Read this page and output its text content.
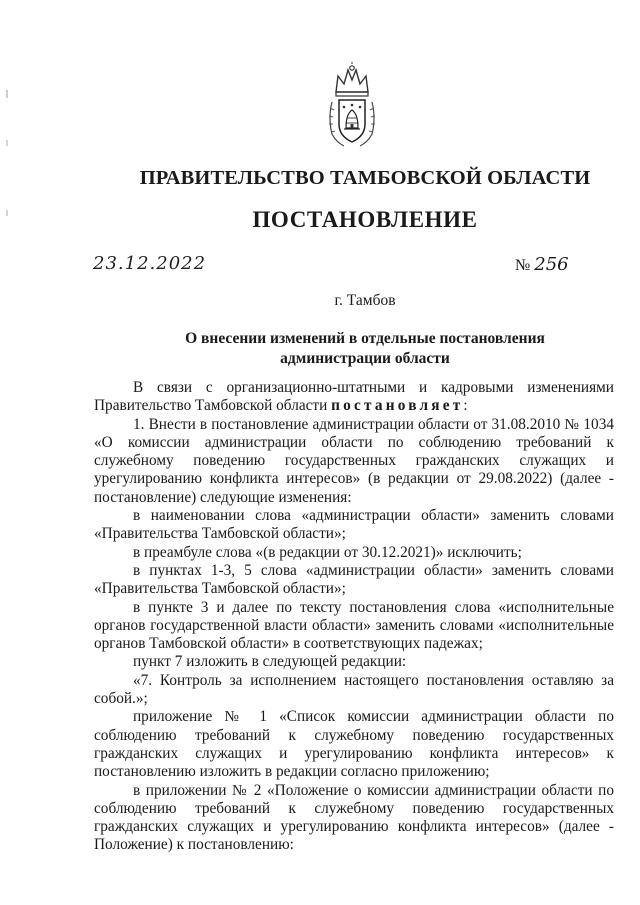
ПРАВИТЕЛЬСТВО ТАМБОВСКОЙ ОБЛАСТИ
ПОСТАНОВЛЕНИЕ
23.12.2022	№ 256
г. Тамбов
О внесении изменений в отдельные постановления
администрации области

В связи с организационно-штатными и кадровыми изменениями Правительство Тамбовской области постановляет:

1. Внести в постановление администрации области от 31.08.2010 № 1034 «О комиссии администрации области по соблюдению требований к служебному поведению государственных гражданских служащих и урегулированию конфликта интересов» (в редакции от 29.08.2022) (далее - постановление) следующие изменения:

в наименовании слова «администрации области» заменить словами «Правительства Тамбовской области»;

в преамбуле слова «(в редакции от 30.12.2021)» исключить;

в пунктах 1-3, 5 слова «администрации области» заменить словами «Правительства Тамбовской области»;

в пункте 3 и далее по тексту постановления слова «исполнительные органов государственной власти области» заменить словами «исполнительные органов Тамбовской области» в соответствующих падежах;

пункт 7 изложить в следующей редакции:

«7. Контроль за исполнением настоящего постановления оставляю за собой.»;

приложение № 1 «Список комиссии администрации области по соблюдению требований к служебному поведению государственных гражданских служащих и урегулированию конфликта интересов» к постановлению изложить в редакции согласно приложению;

в приложении № 2 «Положение о комиссии администрации области по соблюдению требований к служебному поведению государственных гражданских служащих и урегулированию конфликта интересов» (далее - Положение) к постановлению:
